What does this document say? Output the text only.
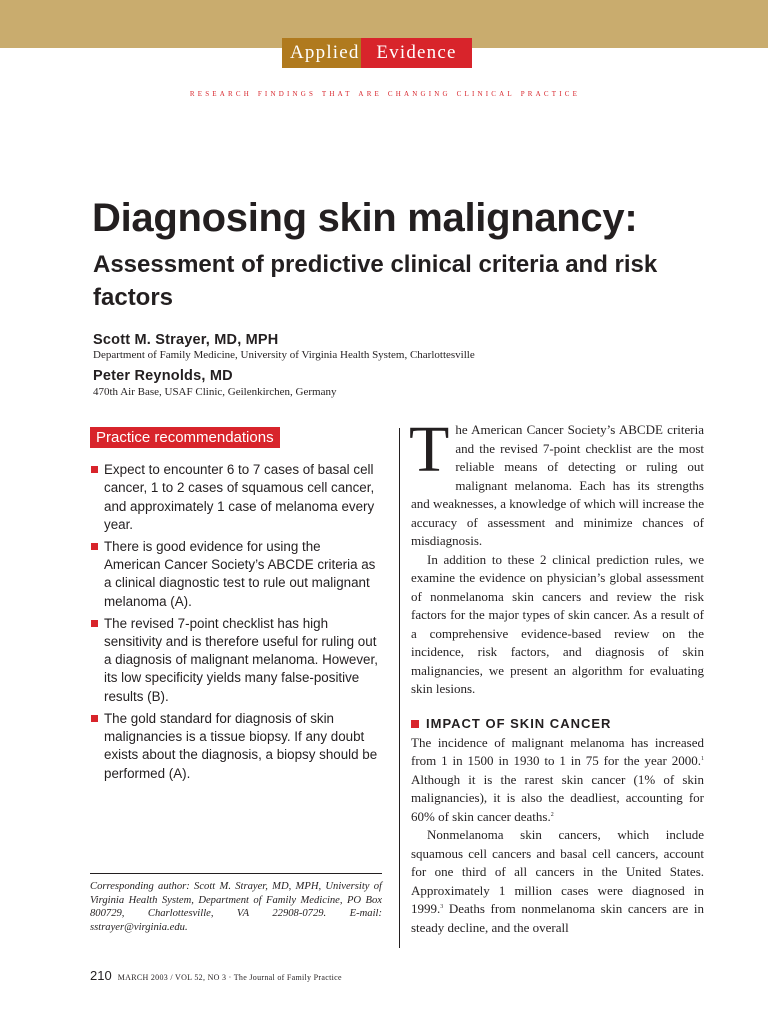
Applied Evidence
research findings that are changing clinical practice
Diagnosing skin malignancy:
Assessment of predictive clinical criteria and risk factors
Scott M. Strayer, MD, MPH
Department of Family Medicine, University of Virginia Health System, Charlottesville
Peter Reynolds, MD
470th Air Base, USAF Clinic, Geilenkirchen, Germany
Practice recommendations
Expect to encounter 6 to 7 cases of basal cell cancer, 1 to 2 cases of squamous cell cancer, and approximately 1 case of melanoma every year.
There is good evidence for using the American Cancer Society’s ABCDE criteria as a clinical diagnostic test to rule out malignant melanoma (A).
The revised 7-point checklist has high sensitivity and is therefore useful for ruling out a diagnosis of malignant melanoma. However, its low specificity yields many false-positive results (B).
The gold standard for diagnosis of skin malignancies is a tissue biopsy. If any doubt exists about the diagnosis, a biopsy should be performed (A).

Corresponding author: Scott M. Strayer, MD, MPH, University of Virginia Health System, Department of Family Medicine, PO Box 800729, Charlottesville, VA 22908-0729. E-mail: sstrayer@virginia.edu.

The American Cancer Society’s ABCDE criteria and the revised 7-point checklist are the most reliable means of detecting or ruling out malignant melanoma. Each has its strengths and weaknesses, a knowledge of which will increase the accuracy of assessment and minimize chances of misdiagnosis.

In addition to these 2 clinical prediction rules, we examine the evidence on physician’s global assessment of nonmelanoma skin cancers and review the risk factors for the major types of skin cancer. As a result of a comprehensive evidence-based review on the incidence, risk factors, and diagnosis of skin malignancies, we present an algorithm for evaluating skin lesions.

IMPACT OF SKIN CANCER

The incidence of malignant melanoma has increased from 1 in 1500 in 1930 to 1 in 75 for the year 2000.$^1$ Although it is the rarest skin cancer (1% of skin malignancies), it is also the deadliest, accounting for 60% of skin cancer deaths.$^2$

Nonmelanoma skin cancers, which include squamous cell cancers and basal cell cancers, account for one third of all cancers in the United States. Approximately 1 million cases were diagnosed in 1999.$^3$ Deaths from nonmelanoma skin cancers are in steady decline, and the overall

210 MARCH 2003 / VOL 52, NO 3 · The Journal of Family Practice
